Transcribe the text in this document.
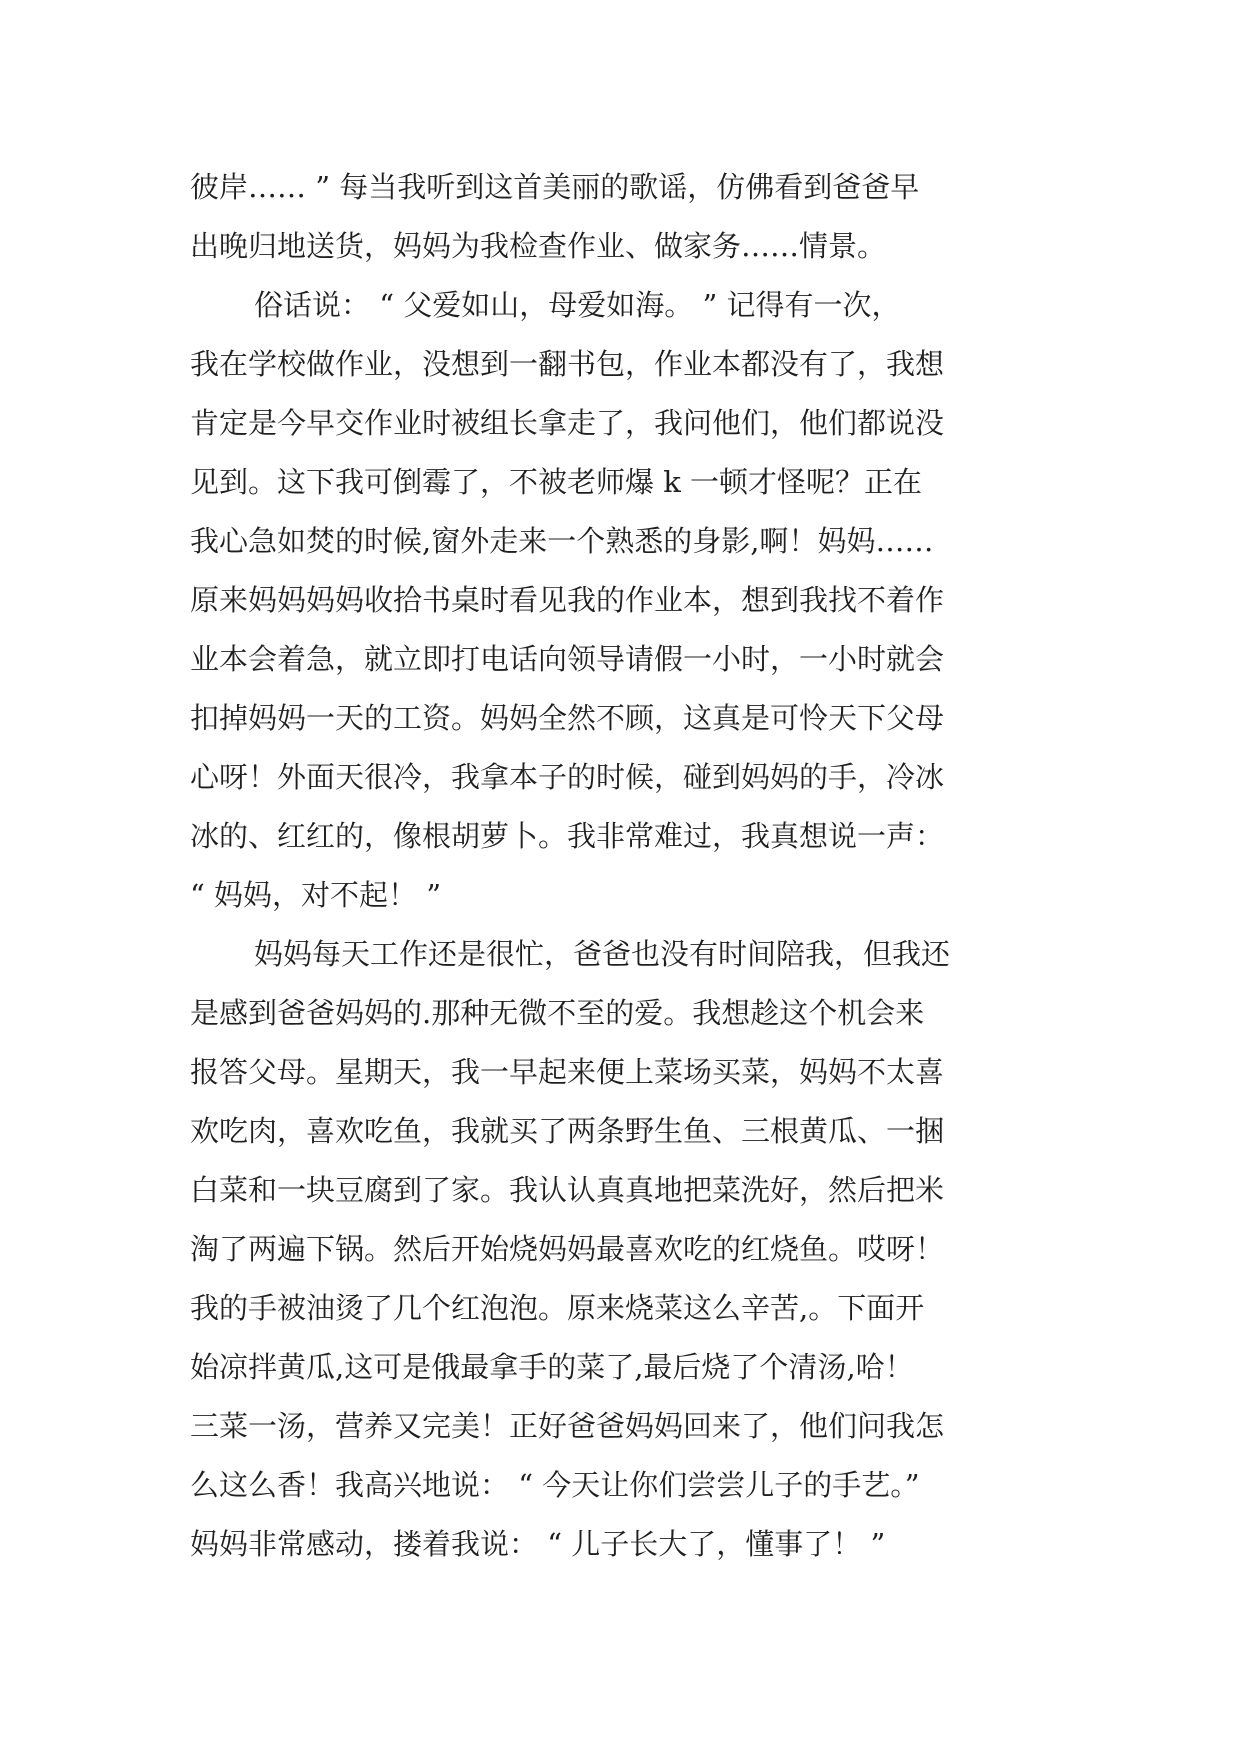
彼岸…… ” 每当我听到这首美丽的歌谣，仿佛看到爸爸早
出晚归地送货，妈妈为我检查作业、做家务……情景。
俗话说： “ 父爱如山，母爱如海。 ” 记得有一次，
我在学校做作业，没想到一翻书包，作业本都没有了，我想
肯定是今早交作业时被组长拿走了，我问他们，他们都说没
见到。这下我可倒霉了，不被老师爆 k 一顿才怪呢？正在
我心急如焚的时候,窗外走来一个熟悉的身影,啊！妈妈……
原来妈妈妈妈收拾书桌时看见我的作业本，想到我找不着作
业本会着急，就立即打电话向领导请假一小时，一小时就会
扣掉妈妈一天的工资。妈妈全然不顾，这真是可怜天下父母
心呀！外面天很冷，我拿本子的时候，碰到妈妈的手，冷冰
冰的、红红的，像根胡萝卜。我非常难过，我真想说一声：
“ 妈妈，对不起！ ”
妈妈每天工作还是很忙，爸爸也没有时间陪我，但我还
是感到爸爸妈妈的.那种无微不至的爱。我想趁这个机会来
报答父母。星期天，我一早起来便上菜场买菜，妈妈不太喜
欢吃肉，喜欢吃鱼，我就买了两条野生鱼、三根黄瓜、一捆
白菜和一块豆腐到了家。我认认真真地把菜洗好，然后把米
淘了两遍下锅。然后开始烧妈妈最喜欢吃的红烧鱼。哎呀！
我的手被油烫了几个红泡泡。原来烧菜这么辛苦,。下面开
始凉拌黄瓜,这可是俄最拿手的菜了,最后烧了个清汤,哈！
三菜一汤，营养又完美！正好爸爸妈妈回来了，他们问我怎
么这么香！我高兴地说： “ 今天让你们尝尝儿子的手艺。”
妈妈非常感动，搂着我说： “ 儿子长大了，懂事了！ ”
